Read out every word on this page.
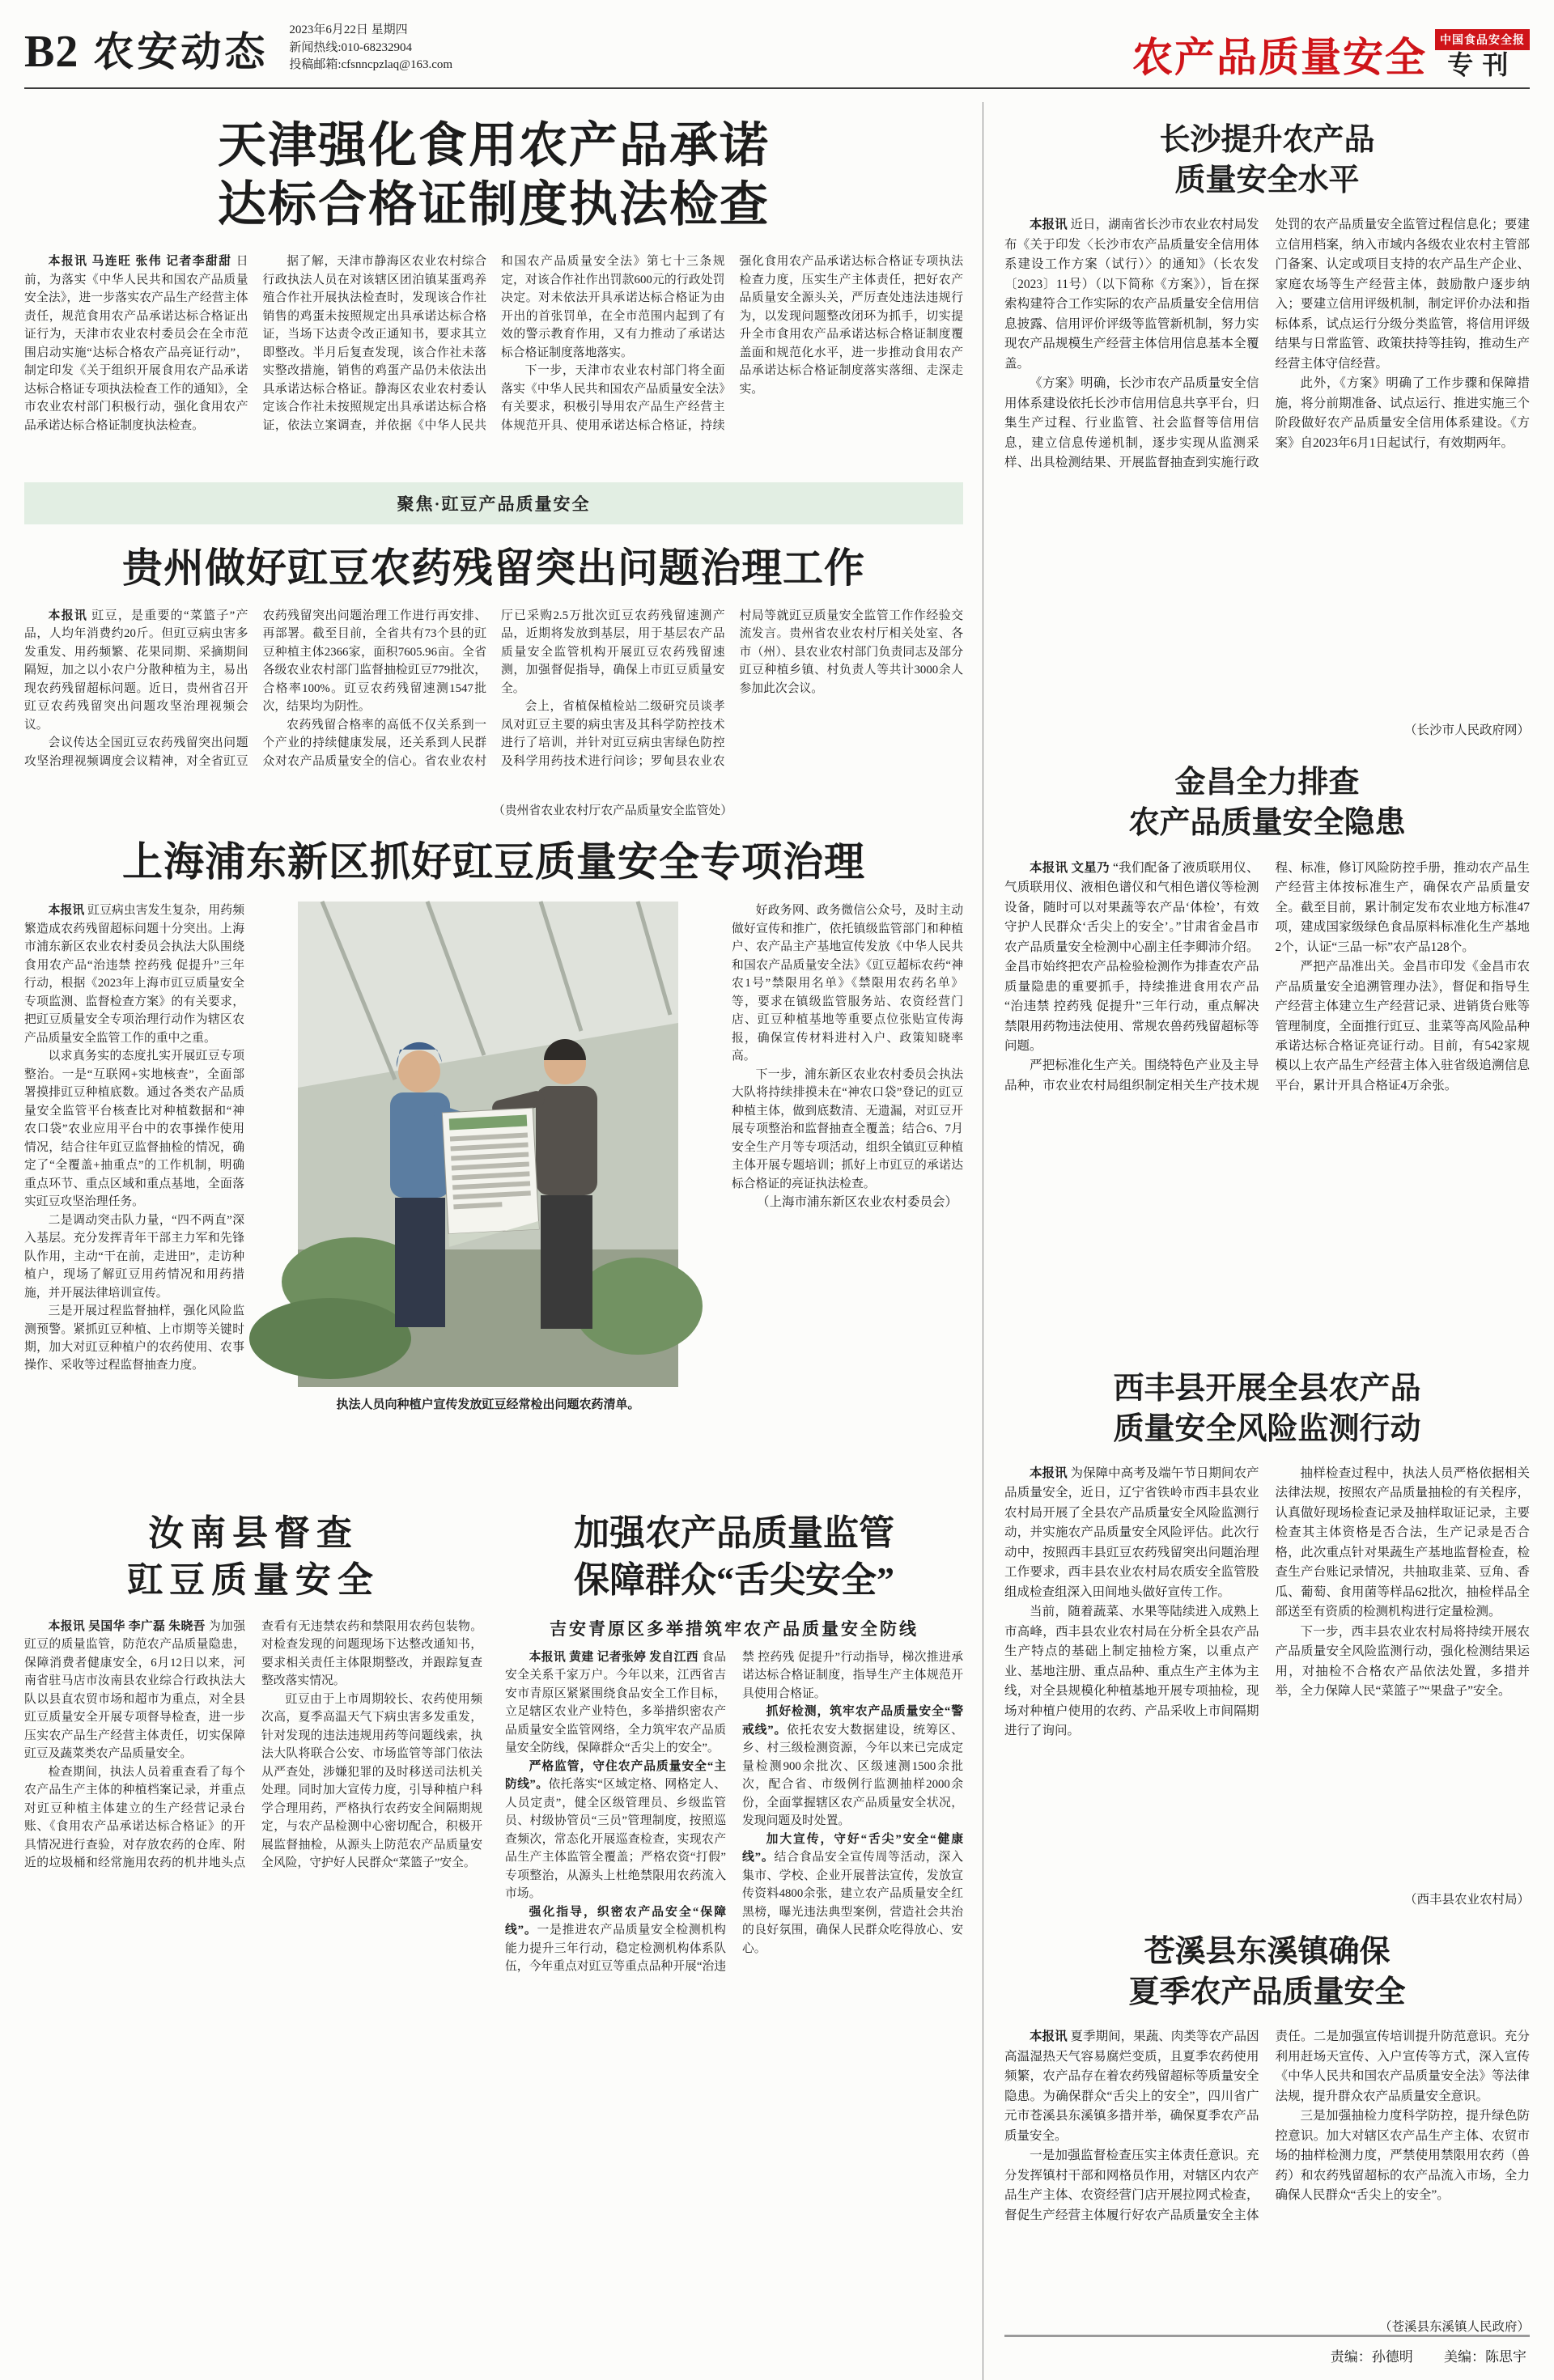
B2 农安动态 2023年6月22日 星期四
新闻热线:010-68232904
投稿邮箱:cfsnncpzlaq@163.com	农产品质量安全	中国食品安全报
专刊
天津强化食用农产品承诺
达标合格证制度执法检查

本报讯 马连旺 张伟 记者李甜甜 日前，为落实《中华人民共和国农产品质量安全法》，进一步落实农产品生产经营主体责任，规范食用农产品承诺达标合格证出证行为，天津市农业农村委员会在全市范围启动实施“达标合格农产品亮证行动”，制定印发《关于组织开展食用农产品承诺达标合格证专项执法检查工作的通知》，全市农业农村部门积极行动，强化食用农产品承诺达标合格证制度执法检查。

据了解，天津市静海区农业农村综合行政执法人员在对该辖区团泊镇某蛋鸡养殖合作社开展执法检查时，发现该合作社销售的鸡蛋未按照规定出具承诺达标合格证，当场下达责令改正通知书，要求其立即整改。半月后复查发现，该合作社未落实整改措施，销售的鸡蛋产品仍未依法出具承诺达标合格证。静海区农业农村委认定该合作社未按照规定出具承诺达标合格证，依法立案调查，并依据《中华人民共和国农产品质量安全法》第七十三条规定，对该合作社作出罚款600元的行政处罚决定。对未依法开具承诺达标合格证为由开出的首张罚单，在全市范围内起到了有效的警示教育作用，又有力推动了承诺达标合格证制度落地落实。

下一步，天津市农业农村部门将全面落实《中华人民共和国农产品质量安全法》有关要求，积极引导用农产品生产经营主体规范开具、使用承诺达标合格证，持续强化食用农产品承诺达标合格证专项执法检查力度，压实生产主体责任，把好农产品质量安全源头关，严厉查处违法违规行为，以发现问题整改闭环为抓手，切实提升全市食用农产品承诺达标合格证制度覆盖面和规范化水平，进一步推动食用农产品承诺达标合格证制度落实落细、走深走实。

聚焦·豇豆产品质量安全
贵州做好豇豆农药残留突出问题治理工作

本报讯 豇豆，是重要的“菜篮子”产品，人均年消费约20斤。但豇豆病虫害多发重发、用药频繁、花果同期、采摘期间隔短，加之以小农户分散种植为主，易出现农药残留超标问题。近日，贵州省召开豇豆农药残留突出问题攻坚治理视频会议。

会议传达全国豇豆农药残留突出问题攻坚治理视频调度会议精神，对全省豇豆农药残留突出问题治理工作进行再安排、再部署。截至目前，全省共有73个县的豇豆种植主体2366家，面积7605.96亩。全省各级农业农村部门监督抽检豇豆779批次，合格率100%。豇豆农药残留速测1547批次，结果均为阴性。

农药残留合格率的高低不仅关系到一个产业的持续健康发展，还关系到人民群众对农产品质量安全的信心。省农业农村厅已采购2.5万批次豇豆农药残留速测产品，近期将发放到基层，用于基层农产品质量安全监管机构开展豇豆农药残留速测，加强督促指导，确保上市豇豆质量安全。

会上，省植保植检站二级研究员谈孝凤对豇豆主要的病虫害及其科学防控技术进行了培训，并针对豇豆病虫害绿色防控及科学用药技术进行问诊；罗甸县农业农村局等就豇豆质量安全监管工作作经验交流发言。贵州省农业农村厅相关处室、各市（州）、县农业农村部门负责同志及部分豇豆种植乡镇、村负责人等共计3000余人参加此次会议。

（贵州省农业农村厅农产品质量安全监管处）

上海浦东新区抓好豇豆质量安全专项治理

本报讯 豇豆病虫害发生复杂，用药频繁造成农药残留超标问题十分突出。上海市浦东新区农业农村委员会执法大队围绕食用农产品“治违禁 控药残 促提升”三年行动，根据《2023年上海市豇豆质量安全专项监测、监督检查方案》的有关要求，把豇豆质量安全专项治理行动作为辖区农产品质量安全监管工作的重中之重。

以求真务实的态度扎实开展豇豆专项整治。一是“互联网+实地核查”，全面部署摸排豇豆种植底数。通过各类农产品质量安全监管平台核查比对种植数据和“神农口袋”农业应用平台中的农事操作使用情况，结合往年豇豆监督抽检的情况，确定了“全覆盖+抽重点”的工作机制，明确重点环节、重点区域和重点基地，全面落实豇豆攻坚治理任务。

二是调动突击队力量，“四不两直”深入基层。充分发挥青年干部主力军和先锋队作用，主动“干在前，走进田”，走访种植户，现场了解豇豆用药情况和用药措施，并开展法律培训宣传。

三是开展过程监督抽样，强化风险监测预警。紧抓豇豆种植、上市期等关键时期，加大对豇豆种植户的农药使用、农事操作、采收等过程监督抽查力度。

执法人员向种植户宣传发放豇豆经常检出问题农药清单。

好政务网、政务微信公众号，及时主动做好宣传和推广，依托镇级监管部门和种植户、农产品主产基地宣传发放《中华人民共和国农产品质量安全法》《豇豆超标农药“神农1号”禁限用名单》《禁限用农药名单》等，要求在镇级监管服务站、农资经营门店、豇豆种植基地等重要点位张贴宣传海报，确保宣传材料进村入户、政策知晓率高。

下一步，浦东新区农业农村委员会执法大队将持续排摸未在“神农口袋”登记的豇豆种植主体，做到底数清、无遗漏，对豇豆开展专项整治和监督抽查全覆盖；结合6、7月安全生产月等专项活动，组织全镇豇豆种植主体开展专题培训；抓好上市豇豆的承诺达标合格证的亮证执法检查。

（上海市浦东新区农业农村委员会）

汝南县督查
豇豆质量安全

本报讯 吴国华 李广磊 朱晓吾 为加强豇豆的质量监管，防范农产品质量隐患，保障消费者健康安全，6月12日以来，河南省驻马店市汝南县农业综合行政执法大队以县直农贸市场和超市为重点，对全县豇豆质量安全开展专项督导检查，进一步压实农产品生产经营主体责任，切实保障豇豆及蔬菜类农产品质量安全。

检查期间，执法人员着重查看了每个农产品生产主体的种植档案记录，并重点对豇豆种植主体建立的生产经营记录台账、《食用农产品承诺达标合格证》的开具情况进行查验，对存放农药的仓库、附近的垃圾桶和经常施用农药的机井地头点查看有无违禁农药和禁限用农药包装物。对检查发现的问题现场下达整改通知书，要求相关责任主体限期整改，并跟踪复查整改落实情况。

豇豆由于上市周期较长、农药使用频次高，夏季高温天气下病虫害多发重发，针对发现的违法违规用药等问题线索，执法大队将联合公安、市场监管等部门依法从严查处，涉嫌犯罪的及时移送司法机关处理。同时加大宣传力度，引导种植户科学合理用药，严格执行农药安全间隔期规定，与农产品检测中心密切配合，积极开展监督抽检，从源头上防范农产品质量安全风险，守护好人民群众“菜篮子”安全。

加强农产品质量监管
保障群众“舌尖安全”
吉安青原区多举措筑牢农产品质量安全防线

本报讯 黄建 记者张婷 发自江西 食品安全关系千家万户。今年以来，江西省吉安市青原区紧紧围绕食品安全工作目标，立足辖区农业产业特色，多举措织密农产品质量安全监管网络，全力筑牢农产品质量安全防线，保障群众“舌尖上的安全”。

严格监管，守住农产品质量安全“主防线”。依托落实“区域定格、网格定人、人员定责”，健全区级管理员、乡级监管员、村级协管员“三员”管理制度，按照巡查频次，常态化开展巡查检查，实现农产品生产主体监管全覆盖；严格农资“打假”专项整治，从源头上杜绝禁限用农药流入市场。

强化指导，织密农产品安全“保障线”。一是推进农产品质量安全检测机构能力提升三年行动，稳定检测机构体系队伍，今年重点对豇豆等重点品种开展“治违禁 控药残 促提升”行动指导，梯次推进承诺达标合格证制度，指导生产主体规范开具使用合格证。

抓好检测，筑牢农产品质量安全“警戒线”。依托农安大数据建设，统筹区、乡、村三级检测资源，今年以来已完成定量检测900余批次、区级速测1500余批次，配合省、市级例行监测抽样2000余份，全面掌握辖区农产品质量安全状况，发现问题及时处置。

加大宣传，守好“舌尖”安全“健康线”。结合食品安全宣传周等活动，深入集市、学校、企业开展普法宣传，发放宣传资料4800余张，建立农产品质量安全红黑榜，曝光违法典型案例，营造社会共治的良好氛围，确保人民群众吃得放心、安心。

长沙提升农产品
质量安全水平

本报讯 近日，湖南省长沙市农业农村局发布《关于印发〈长沙市农产品质量安全信用体系建设工作方案（试行）〉的通知》（长农发〔2023〕11号）（以下简称《方案》），旨在探索构建符合工作实际的农产品质量安全信用信息披露、信用评价评级等监管新机制，努力实现农产品规模生产经营主体信用信息基本全覆盖。

《方案》明确，长沙市农产品质量安全信用体系建设依托长沙市信用信息共享平台，归集生产过程、行业监管、社会监督等信用信息，建立信息传递机制，逐步实现从监测采样、出具检测结果、开展监督抽查到实施行政处罚的农产品质量安全监管过程信息化；要建立信用档案，纳入市域内各级农业农村主管部门备案、认定或项目支持的农产品生产企业、家庭农场等生产经营主体，鼓励散户逐步纳入；要建立信用评级机制，制定评价办法和指标体系，试点运行分级分类监管，将信用评级结果与日常监管、政策扶持等挂钩，推动生产经营主体守信经营。

此外，《方案》明确了工作步骤和保障措施，将分前期准备、试点运行、推进实施三个阶段做好农产品质量安全信用体系建设。《方案》自2023年6月1日起试行，有效期两年。

（长沙市人民政府网）

金昌全力排查
农产品质量安全隐患

本报讯 文星乃 “我们配备了液质联用仪、气质联用仪、液相色谱仪和气相色谱仪等检测设备，随时可以对果蔬等农产品‘体检’，有效守护人民群众‘舌尖上的安全’。”甘肃省金昌市农产品质量安全检测中心副主任李卿沛介绍。金昌市始终把农产品检验检测作为排查农产品质量隐患的重要抓手，持续推进食用农产品“治违禁 控药残 促提升”三年行动，重点解决禁限用药物违法使用、常规农兽药残留超标等问题。

严把标准化生产关。围绕特色产业及主导品种，市农业农村局组织制定相关生产技术规程、标准，修订风险防控手册，推动农产品生产经营主体按标准生产，确保农产品质量安全。截至目前，累计制定发布农业地方标准47项，建成国家级绿色食品原料标准化生产基地2个，认证“三品一标”农产品128个。

严把产品准出关。金昌市印发《金昌市农产品质量安全追溯管理办法》，督促和指导生产经营主体建立生产经营记录、进销货台账等管理制度，全面推行豇豆、韭菜等高风险品种承诺达标合格证亮证行动。目前，有542家规模以上农产品生产经营主体入驻省级追溯信息平台，累计开具合格证4万余张。

西丰县开展全县农产品
质量安全风险监测行动

本报讯 为保障中高考及端午节日期间农产品质量安全，近日，辽宁省铁岭市西丰县农业农村局开展了全县农产品质量安全风险监测行动，并实施农产品质量安全风险评估。此次行动中，按照西丰县豇豆农药残留突出问题治理工作要求，西丰县农业农村局农质安全监管股组成检查组深入田间地头做好宣传工作。

当前，随着蔬菜、水果等陆续进入成熟上市高峰，西丰县农业农村局在分析全县农产品生产特点的基础上制定抽检方案，以重点产业、基地注册、重点品种、重点生产主体为主线，对全县规模化种植基地开展专项抽检，现场对种植户使用的农药、产品采收上市间隔期进行了询问。

抽样检查过程中，执法人员严格依据相关法律法规，按照农产品质量抽检的有关程序，认真做好现场检查记录及抽样取证记录，主要检查其主体资格是否合法，生产记录是否合格，此次重点针对果蔬生产基地监督检查，检查生产台账记录情况，共抽取韭菜、豆角、香瓜、葡萄、食用菌等样品62批次，抽检样品全部送至有资质的检测机构进行定量检测。

下一步，西丰县农业农村局将持续开展农产品质量安全风险监测行动，强化检测结果运用，对抽检不合格农产品依法处置，多措并举，全力保障人民“菜篮子”“果盘子”安全。

（西丰县农业农村局）

苍溪县东溪镇确保
夏季农产品质量安全

本报讯 夏季期间，果蔬、肉类等农产品因高温湿热天气容易腐烂变质，且夏季农药使用频繁，农产品存在着农药残留超标等质量安全隐患。为确保群众“舌尖上的安全”，四川省广元市苍溪县东溪镇多措并举，确保夏季农产品质量安全。

一是加强监督检查压实主体责任意识。充分发挥镇村干部和网格员作用，对辖区内农产品生产主体、农资经营门店开展拉网式检查，督促生产经营主体履行好农产品质量安全主体责任。二是加强宣传培训提升防范意识。充分利用赶场天宣传、入户宣传等方式，深入宣传《中华人民共和国农产品质量安全法》等法律法规，提升群众农产品质量安全意识。

三是加强抽检力度科学防控，提升绿色防控意识。加大对辖区农产品生产主体、农贸市场的抽样检测力度，严禁使用禁限用农药（兽药）和农药残留超标的农产品流入市场，全力确保人民群众“舌尖上的安全”。

（苍溪县东溪镇人民政府）

责编：孙德明 美编：陈思宇
